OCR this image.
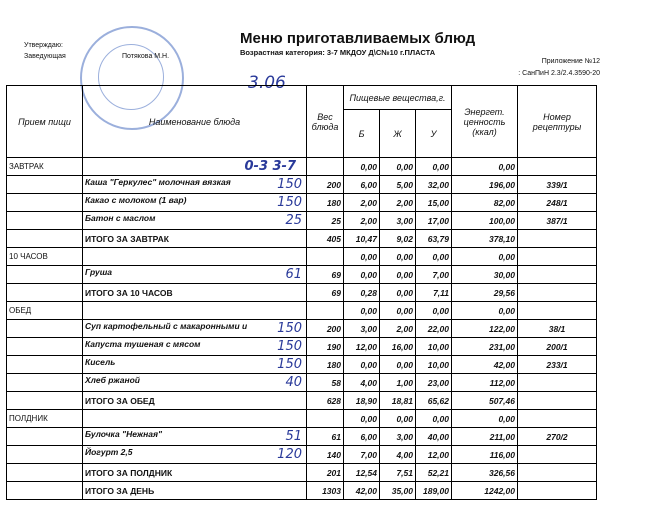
Утверждаю:
Заведующая	Потякова М.Н.
Меню приготавливаемых блюд
Возрастная категория: 3-7 МКДОУ Д\С№10 г.ПЛАСТА
Приложение №12
: СанПиН 2.3/2.4.3590-20
3.06
Прием пищи	Наименование блюда	Вес блюда	Пищевые вещества,г.			Энергет. ценность (ккал)	Номер рецептуры
			Б	Ж	У		
ЗАВТРАК	0-3 3-7		0,00	0,00	0,00	0,00	
	Каша "Геркулес" молочная вязкая 150	200	6,00	5,00	32,00	196,00	339/1
	Какао с молоком (1 вар) 150	180	2,00	2,00	15,00	82,00	248/1
	Батон с маслом 25	25	2,00	3,00	17,00	100,00	387/1
	ИТОГО ЗА ЗАВТРАК	405	10,47	9,02	63,79	378,10	
10 ЧАСОВ			0,00	0,00	0,00	0,00	
	Груша 61	69	0,00	0,00	7,00	30,00	
	ИТОГО ЗА 10 ЧАСОВ	69	0,28	0,00	7,11	29,56	
ОБЕД			0,00	0,00	0,00	0,00	
	Суп картофельный с макаронными и 150	200	3,00	2,00	22,00	122,00	38/1
	Капуста тушеная с мясом 150	190	12,00	16,00	10,00	231,00	200/1
	Кисель 150	180	0,00	0,00	10,00	42,00	233/1
	Хлеб ржаной 40	58	4,00	1,00	23,00	112,00	
	ИТОГО ЗА ОБЕД	628	18,90	18,81	65,62	507,46	
ПОЛДНИК			0,00	0,00	0,00	0,00	
	Булочка "Нежная" 51	61	6,00	3,00	40,00	211,00	270/2
	Йогурт 2,5 120	140	7,00	4,00	12,00	116,00	
	ИТОГО ЗА ПОЛДНИК	201	12,54	7,51	52,21	326,56	
	ИТОГО ЗА ДЕНЬ	1303	42,00	35,00	189,00	1242,00	
